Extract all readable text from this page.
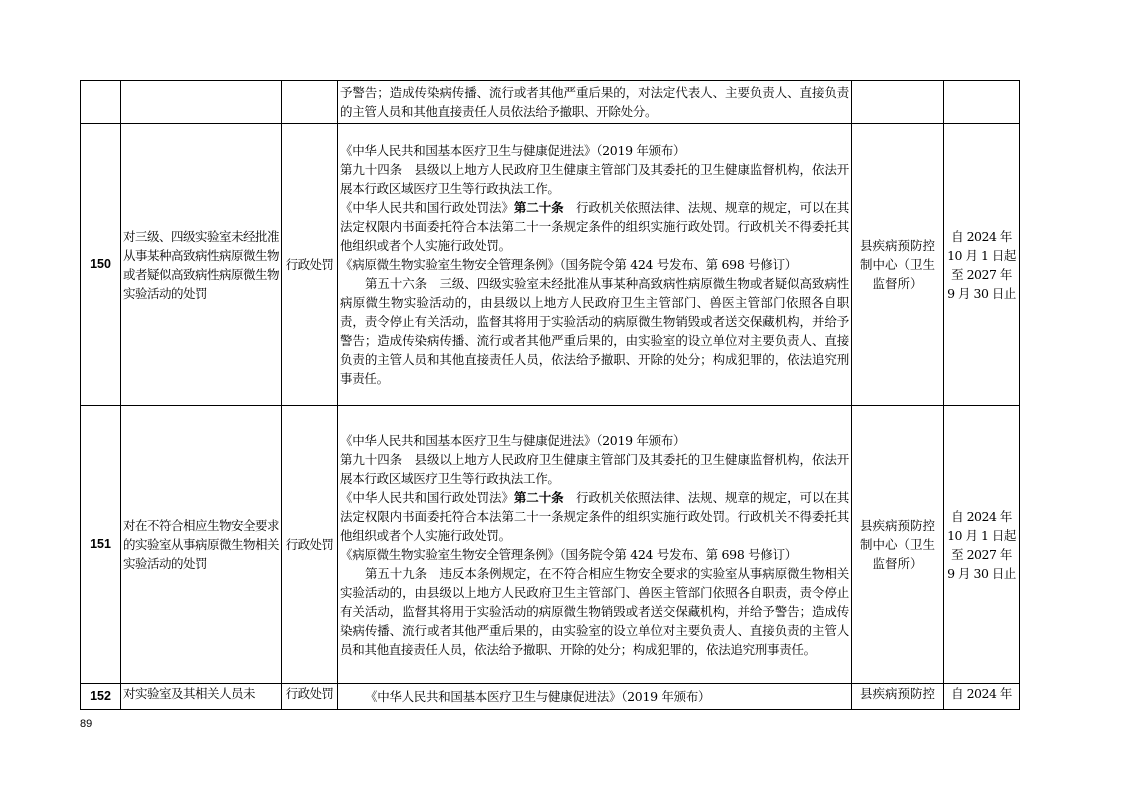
			予警告；造成传染病传播、流行或者其他严重后果的，对法定代表人、主要负责人、直接负责的主管人员和其他直接责任人员依法给予撤职、开除处分。		

150	对三级、四级实验室未经批准从事某种高致病性病原微生物或者疑似高致病性病原微生物实验活动的处罚	行政处罚	《中华人民共和国基本医疗卫生与健康促进法》（2019 年颁布）

第九十四条　县级以上地方人民政府卫生健康主管部门及其委托的卫生健康监督机构，依法开展本行政区域医疗卫生等行政执法工作。

《中华人民共和国行政处罚法》第二十条　行政机关依照法律、法规、规章的规定，可以在其法定权限内书面委托符合本法第二十一条规定条件的组织实施行政处罚。行政机关不得委托其他组织或者个人实施行政处罚。

《病原微生物实验室生物安全管理条例》（国务院令第 424 号发布、第 698 号修订）

第五十六条　三级、四级实验室未经批准从事某种高致病性病原微生物或者疑似高致病性病原微生物实验活动的，由县级以上地方人民政府卫生主管部门、兽医主管部门依照各自职责，责令停止有关活动，监督其将用于实验活动的病原微生物销毁或者送交保藏机构，并给予警告；造成传染病传播、流行或者其他严重后果的，由实验室的设立单位对主要负责人、直接负责的主管人员和其他直接责任人员，依法给予撤职、开除的处分；构成犯罪的，依法追究刑事责任。	县疾病预防控制中心（卫生监督所）	自 2024 年 10 月 1 日起至 2027 年 9 月 30 日止
151	对在不符合相应生物安全要求的实验室从事病原微生物相关实验活动的处罚	行政处罚	《中华人民共和国基本医疗卫生与健康促进法》（2019 年颁布）

第九十四条　县级以上地方人民政府卫生健康主管部门及其委托的卫生健康监督机构，依法开展本行政区域医疗卫生等行政执法工作。

《中华人民共和国行政处罚法》第二十条　行政机关依照法律、法规、规章的规定，可以在其法定权限内书面委托符合本法第二十一条规定条件的组织实施行政处罚。行政机关不得委托其他组织或者个人实施行政处罚。

《病原微生物实验室生物安全管理条例》（国务院令第 424 号发布、第 698 号修订）

第五十九条　违反本条例规定，在不符合相应生物安全要求的实验室从事病原微生物相关实验活动的，由县级以上地方人民政府卫生主管部门、兽医主管部门依照各自职责，责令停止有关活动，监督其将用于实验活动的病原微生物销毁或者送交保藏机构，并给予警告；造成传染病传播、流行或者其他严重后果的，由实验室的设立单位对主要负责人、直接负责的主管人员和其他直接责任人员，依法给予撤职、开除的处分；构成犯罪的，依法追究刑事责任。	县疾病预防控制中心（卫生监督所）	自 2024 年 10 月 1 日起至 2027 年 9 月 30 日止
152	对实验室及其相关人员未	行政处罚	《中华人民共和国基本医疗卫生与健康促进法》（2019 年颁布）	县疾病预防控	自 2024 年
89
